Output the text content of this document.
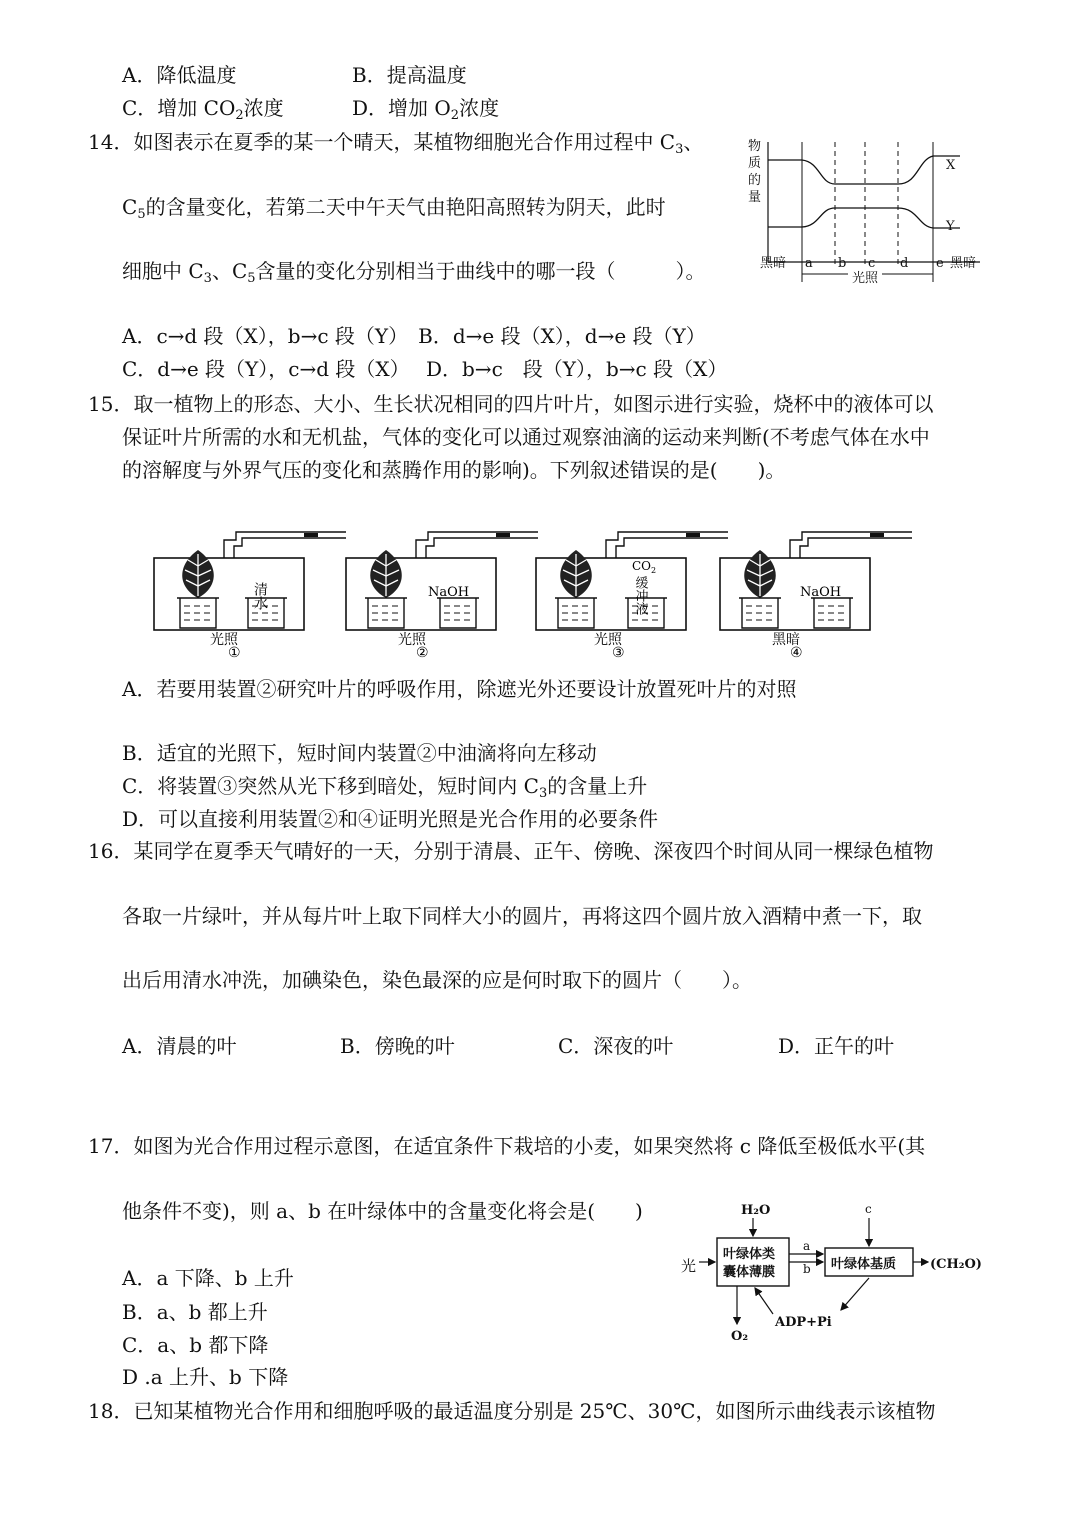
A．降低温度	B．提高温度
C．增加 $CO_2$浓度	D．增加 $O_2$浓度
14．如图表示在夏季的某一个晴天，某植物细胞光合作用过程中 $C_3$、
$C_5$的含量变化，若第二天中午天气由艳阳高照转为阴天，此时
细胞中 $C_3$、$C_5$含量的变化分别相当于曲线中的哪一段（　　　）。
A．c→d 段（X），b→c 段（Y）　B．d→e 段（X），d→e 段（Y）
C．d→e 段（Y），c→d 段（X）　 D．b→c　段（Y），b→c 段（X）
物
质
的
量
X
Y
黑暗 a b c d e 黑暗
光照
15．取一植物上的形态、大小、生长状况相同的四片叶片，如图示进行实验，烧杯中的液体可以
保证叶片所需的水和无机盐，气体的变化可以通过观察油滴的运动来判断(不考虑气体在水中
的溶解度与外界气压的变化和蒸腾作用的影响)。下列叙述错误的是(　　)。
清水
光照
①
NaOH
光照
②
$CO_2$
缓冲液
光照
③
NaOH
黑暗
④
A．若要用装置②研究叶片的呼吸作用，除遮光外还要设计放置死叶片的对照
B．适宜的光照下，短时间内装置②中油滴将向左移动
C．将装置③突然从光下移到暗处，短时间内 $C_3$的含量上升
D．可以直接利用装置②和④证明光照是光合作用的必要条件
16．某同学在夏季天气晴好的一天，分别于清晨、正午、傍晚、深夜四个时间从同一棵绿色植物
各取一片绿叶，并从每片叶上取下同样大小的圆片，再将这四个圆片放入酒精中煮一下，取
出后用清水冲洗，加碘染色，染色最深的应是何时取下的圆片（　　）。
A．清晨的叶	B．傍晚的叶	C．深夜的叶	D．正午的叶
17．如图为光合作用过程示意图，在适宜条件下栽培的小麦，如果突然将 c 降低至极低水平(其
他条件不变)，则 a、b 在叶绿体中的含量变化将会是(　　)
A．a 下降、b 上升
B．a、b 都上升
C．a、b 都下降
D .a 上升、b 下降
H₂O
光
叶绿体类
囊体薄膜
叶绿体基质	(CH₂O)
c
a
b
ADP+Pi
O₂
18．已知某植物光合作用和细胞呼吸的最适温度分别是 25℃、30℃，如图所示曲线表示该植物
